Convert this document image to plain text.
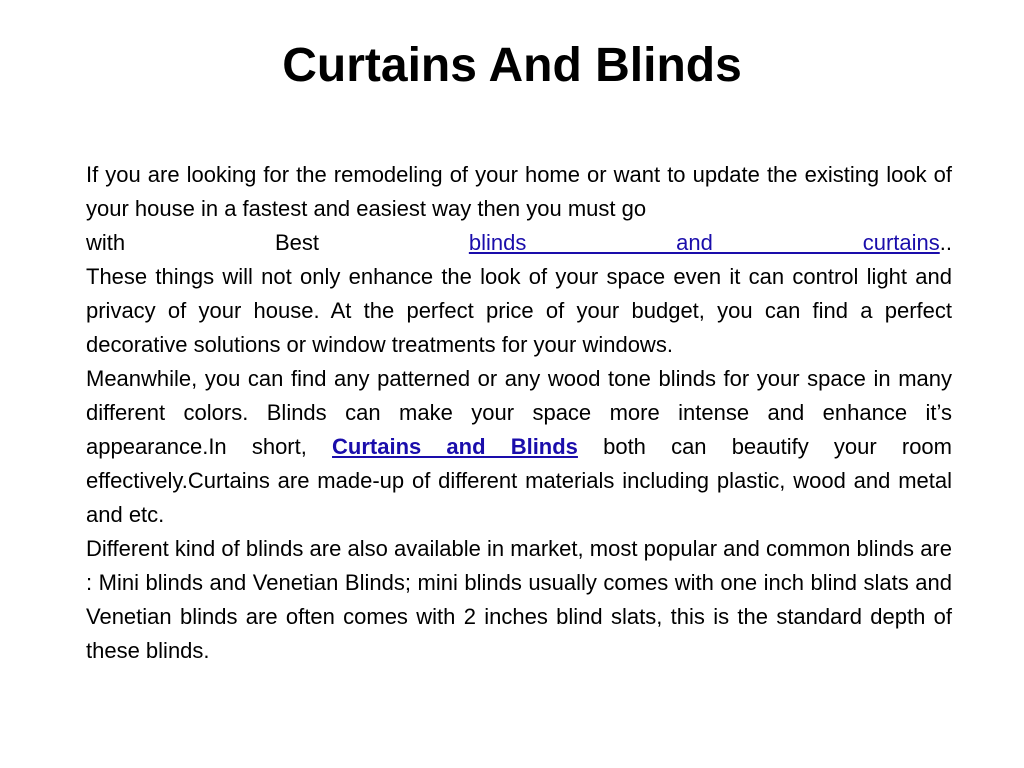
Curtains And Blinds

If you are looking for the remodeling of your home or want to update the existing look of your house in a fastest and easiest way then you must go
with Best	blinds and curtains..
These things will not only enhance the look of your space even it can control light and privacy of your house. At the perfect price of your budget, you can find a perfect decorative solutions or window treatments for your windows.

Meanwhile, you can find any patterned or any wood tone blinds for your space in many different colors. Blinds can make your space more intense and enhance it’s appearance.In short, Curtains and Blinds both can beautify your room effectively.Curtains are made-up of different materials including plastic, wood and metal and etc.

Different kind of blinds are also available in market, most popular and common blinds are : Mini blinds and Venetian Blinds; mini blinds usually comes with one inch blind slats and Venetian blinds are often comes with 2 inches blind slats, this is the standard depth of these blinds.
